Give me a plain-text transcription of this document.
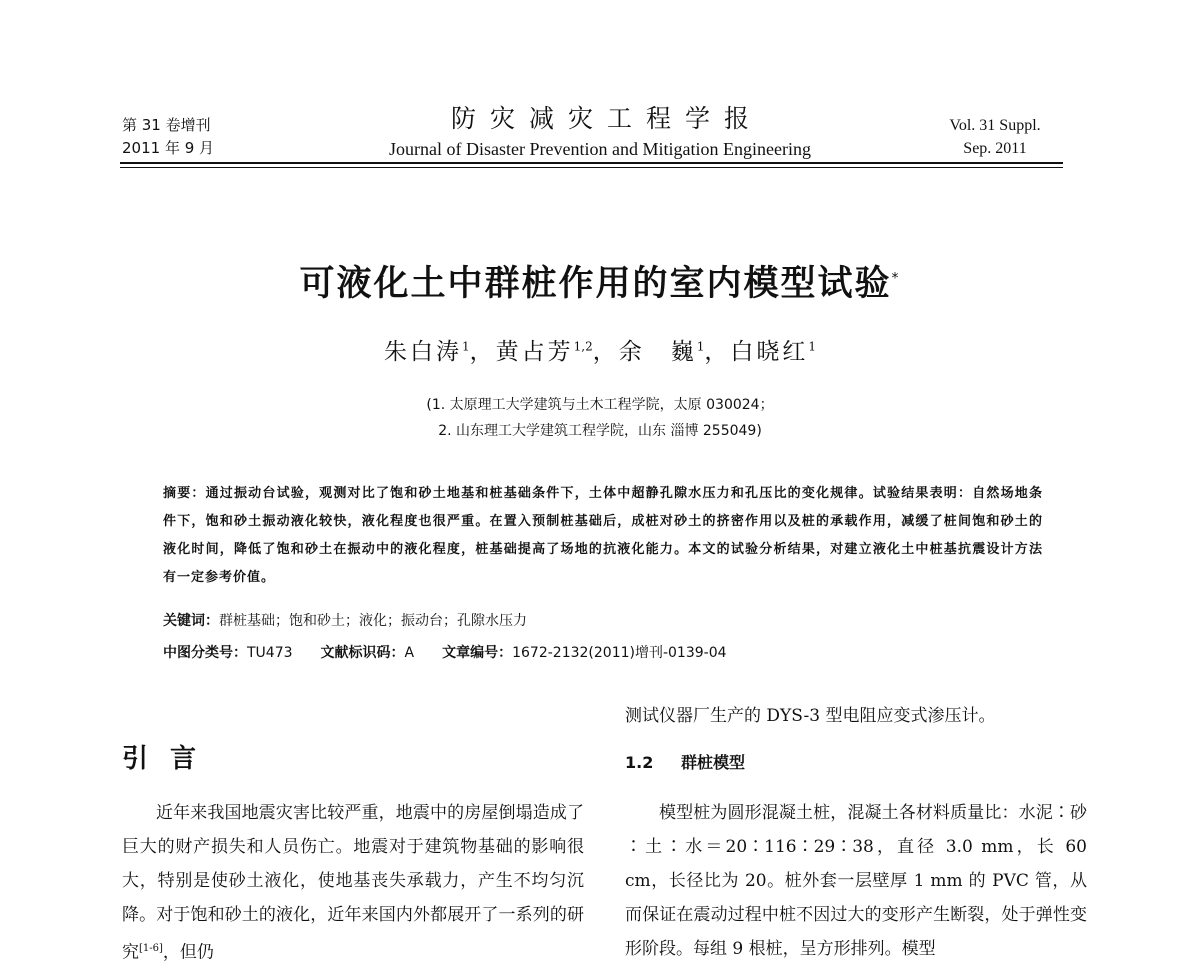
第 31 卷增刊
2011 年 9 月
防灾减灾工程学报
Journal of Disaster Prevention and Mitigation Engineering
Vol. 31 Suppl.
Sep. 2011
可液化土中群桩作用的室内模型试验*
朱白涛$^1$，黄占芳$^{1,2}$，余　巍$^1$，白晓红$^1$
(1. 太原理工大学建筑与土木工程学院，太原 030024；
2. 山东理工大学建筑工程学院，山东 淄博 255049)
摘要：通过振动台试验，观测对比了饱和砂土地基和桩基础条件下，土体中超静孔隙水压力和孔压比的变化规律。试验结果表明：自然场地条件下，饱和砂土振动液化较快，液化程度也很严重。在置入预制桩基础后，成桩对砂土的挤密作用以及桩的承载作用，减缓了桩间饱和砂土的液化时间，降低了饱和砂土在振动中的液化程度，桩基础提高了场地的抗液化能力。本文的试验分析结果，对建立液化土中桩基抗震设计方法有一定参考价值。
关键词：群桩基础；饱和砂土；液化；振动台；孔隙水压力
中图分类号：TU473 文献标识码：A 文章编号：1672-2132(2011)增刊-0139-04
引言

近年来我国地震灾害比较严重，地震中的房屋倒塌造成了巨大的财产损失和人员伤亡。地震对于建筑物基础的影响很大，特别是使砂土液化，使地基丧失承载力，产生不均匀沉降。对于饱和砂土的液化，近年来国内外都展开了一系列的研究[1-6]，但仍

测试仪器厂生产的 DYS-3 型电阻应变式渗压计。
1.2 群桩模型

模型桩为圆形混凝土桩，混凝土各材料质量比：水泥∶砂∶土∶水＝20∶116∶29∶38，直径 3.0 mm，长 60 cm，长径比为 20。桩外套一层壁厚 1 mm 的 PVC 管，从而保证在震动过程中桩不因过大的变形产生断裂，处于弹性变形阶段。每组 9 根桩，呈方形排列。模型
